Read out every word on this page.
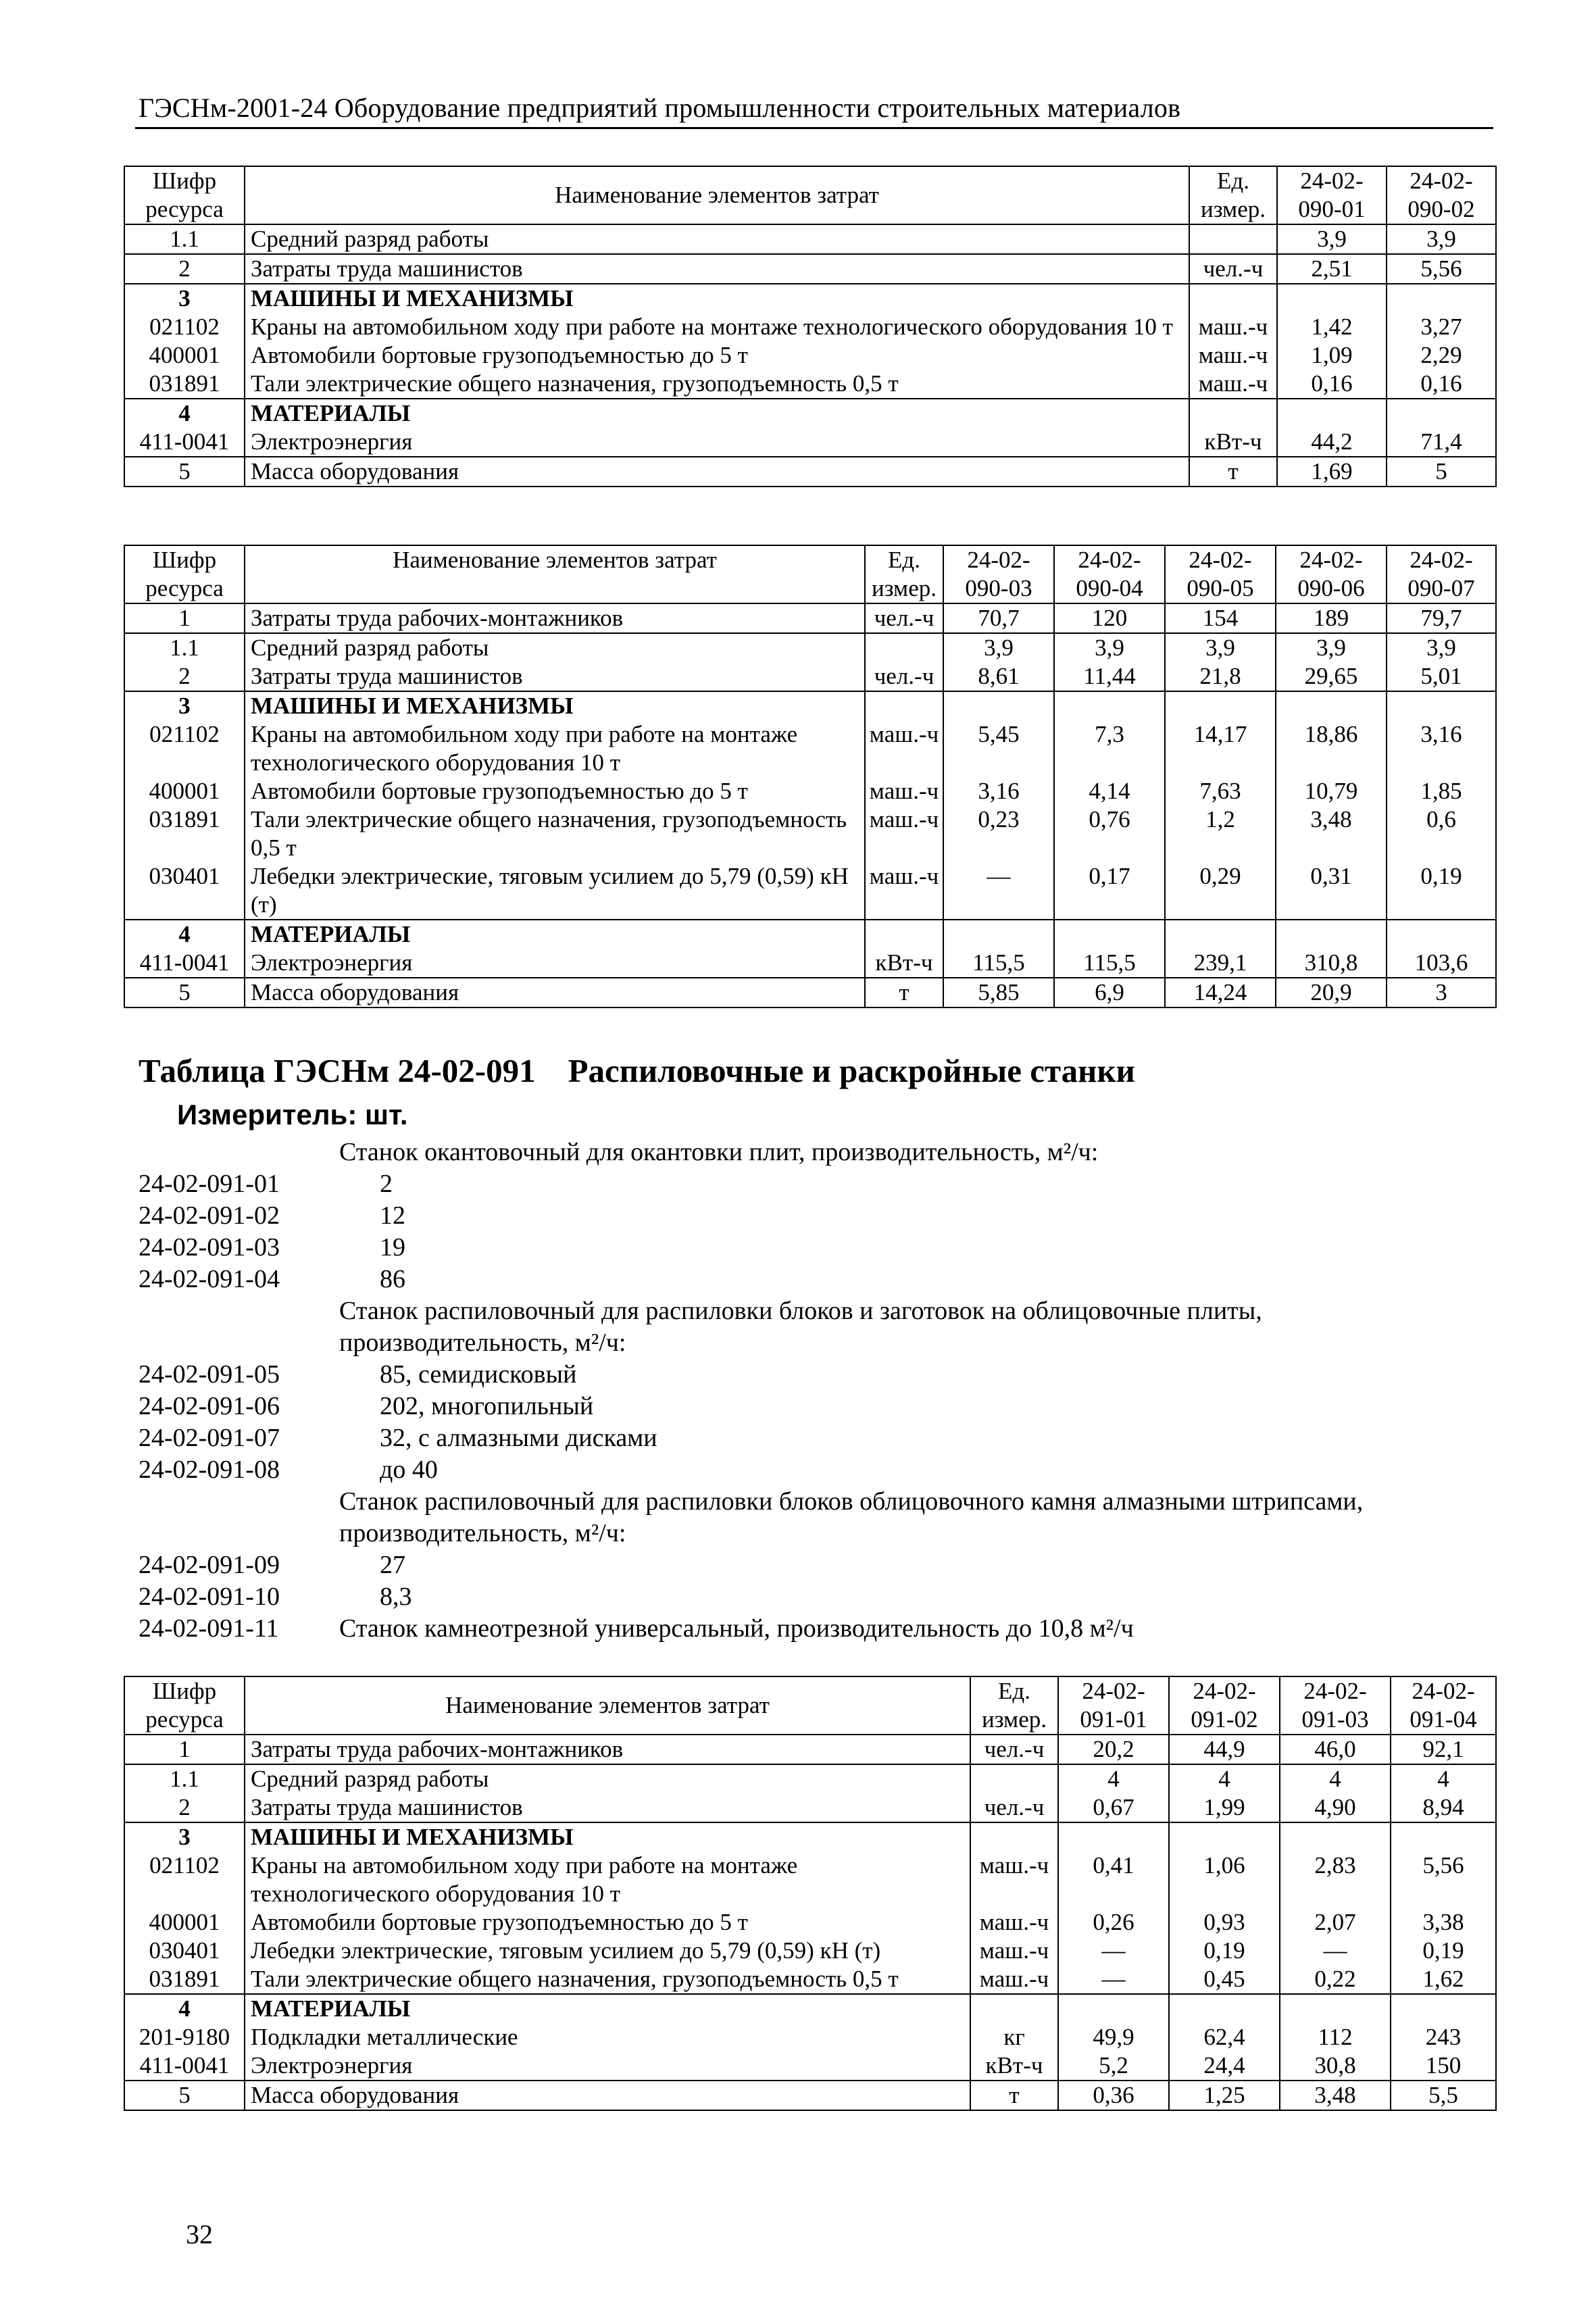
ГЭСНм-2001-24 Оборудование предприятий промышленности строительных материалов
Шифр ресурса	Наименование элементов затрат	Ед. измер.	24-02-090-01	24-02-090-02
1.1	Средний разряд работы		3,9	3,9
2	Затраты труда машинистов	чел.-ч	2,51	5,56
3	МАШИНЫ И МЕХАНИЗМЫ			
021102	Краны на автомобильном ходу при работе на монтаже технологического оборудования 10 т	маш.-ч	1,42	3,27
400001	Автомобили бортовые грузоподъемностью до 5 т	маш.-ч	1,09	2,29
031891	Тали электрические общего назначения, грузоподъемность 0,5 т	маш.-ч	0,16	0,16
4	МАТЕРИАЛЫ			
411-0041	Электроэнергия	кВт-ч	44,2	71,4
5	Масса оборудования	т	1,69	5
Шифр ресурса	Наименование элементов затрат	Ед. измер.	24-02-090-03	24-02-090-04	24-02-090-05	24-02-090-06	24-02-090-07
1	Затраты труда рабочих-монтажников	чел.-ч	70,7	120	154	189	79,7
1.1	Средний разряд работы		3,9	3,9	3,9	3,9	3,9
2	Затраты труда машинистов	чел.-ч	8,61	11,44	21,8	29,65	5,01
3	МАШИНЫ И МЕХАНИЗМЫ						
021102	Краны на автомобильном ходу при работе на монтаже технологического оборудования 10 т	маш.-ч	5,45	7,3	14,17	18,86	3,16
400001	Автомобили бортовые грузоподъемностью до 5 т	маш.-ч	3,16	4,14	7,63	10,79	1,85
031891	Тали электрические общего назначения, грузоподъемность 0,5 т	маш.-ч	0,23	0,76	1,2	3,48	0,6
030401	Лебедки электрические, тяговым усилием до 5,79 (0,59) кН (т)	маш.-ч	—	0,17	0,29	0,31	0,19
4	МАТЕРИАЛЫ						
411-0041	Электроэнергия	кВт-ч	115,5	115,5	239,1	310,8	103,6
5	Масса оборудования	т	5,85	6,9	14,24	20,9	3
Таблица ГЭСНм 24-02-091 Распиловочные и раскройные станки
Измеритель: шт.
Станок окантовочный для окантовки плит, производительность, м²/ч:
24-02-091-01	2
24-02-091-02	12
24-02-091-03	19
24-02-091-04	86
Станок распиловочный для распиловки блоков и заготовок на облицовочные плиты, производительность, м²/ч:
24-02-091-05	85, семидисковый
24-02-091-06	202, многопильный
24-02-091-07	32, с алмазными дисками
24-02-091-08	до 40
Станок распиловочный для распиловки блоков облицовочного камня алмазными штрипсами, производительность, м²/ч:
24-02-091-09	27
24-02-091-10	8,3
24-02-091-11	Станок камнеотрезной универсальный, производительность до 10,8 м²/ч
Шифр ресурса	Наименование элементов затрат	Ед. измер.	24-02-091-01	24-02-091-02	24-02-091-03	24-02-091-04
1	Затраты труда рабочих-монтажников	чел.-ч	20,2	44,9	46,0	92,1
1.1	Средний разряд работы		4	4	4	4
2	Затраты труда машинистов	чел.-ч	0,67	1,99	4,90	8,94
3	МАШИНЫ И МЕХАНИЗМЫ					
021102	Краны на автомобильном ходу при работе на монтаже технологического оборудования 10 т	маш.-ч	0,41	1,06	2,83	5,56
400001	Автомобили бортовые грузоподъемностью до 5 т	маш.-ч	0,26	0,93	2,07	3,38
030401	Лебедки электрические, тяговым усилием до 5,79 (0,59) кН (т)	маш.-ч	—	0,19	—	0,19
031891	Тали электрические общего назначения, грузоподъемность 0,5 т	маш.-ч	—	0,45	0,22	1,62
4	МАТЕРИАЛЫ					
201-9180	Подкладки металлические	кг	49,9	62,4	112	243
411-0041	Электроэнергия	кВт-ч	5,2	24,4	30,8	150
5	Масса оборудования	т	0,36	1,25	3,48	5,5
32
